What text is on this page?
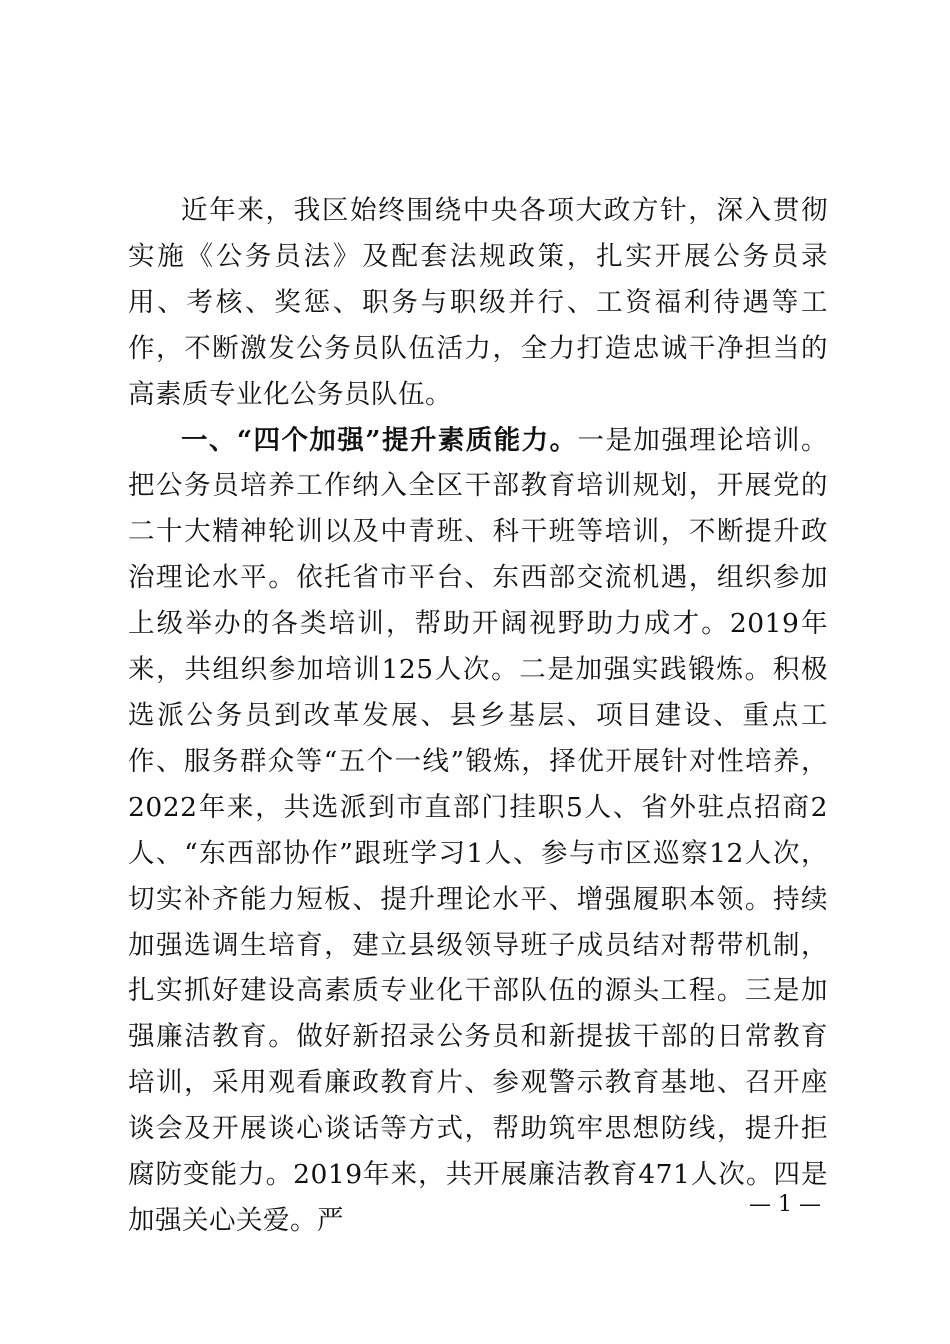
近年来，我区始终围绕中央各项大政方针，深入贯彻实施《公务员法》及配套法规政策，扎实开展公务员录用、考核、奖惩、职务与职级并行、工资福利待遇等工作，不断激发公务员队伍活力，全力打造忠诚干净担当的高素质专业化公务员队伍。

一、“四个加强”提升素质能力。一是加强理论培训。把公务员培养工作纳入全区干部教育培训规划，开展党的二十大精神轮训以及中青班、科干班等培训，不断提升政治理论水平。依托省市平台、东西部交流机遇，组织参加上级举办的各类培训，帮助开阔视野助力成才。2019年来，共组织参加培训125人次。二是加强实践锻炼。积极选派公务员到改革发展、县乡基层、项目建设、重点工作、服务群众等“五个一线”锻炼，择优开展针对性培养，2022年来，共选派到市直部门挂职5人、省外驻点招商2人、“东西部协作”跟班学习1人、参与市区巡察12人次，切实补齐能力短板、提升理论水平、增强履职本领。持续加强选调生培育，建立县级领导班子成员结对帮带机制，扎实抓好建设高素质专业化干部队伍的源头工程。三是加强廉洁教育。做好新招录公务员和新提拔干部的日常教育培训，采用观看廉政教育片、参观警示教育基地、召开座谈会及开展谈心谈话等方式，帮助筑牢思想防线，提升拒腐防变能力。2019年来，共开展廉洁教育471人次。四是加强关心关爱。严

— 1 —
